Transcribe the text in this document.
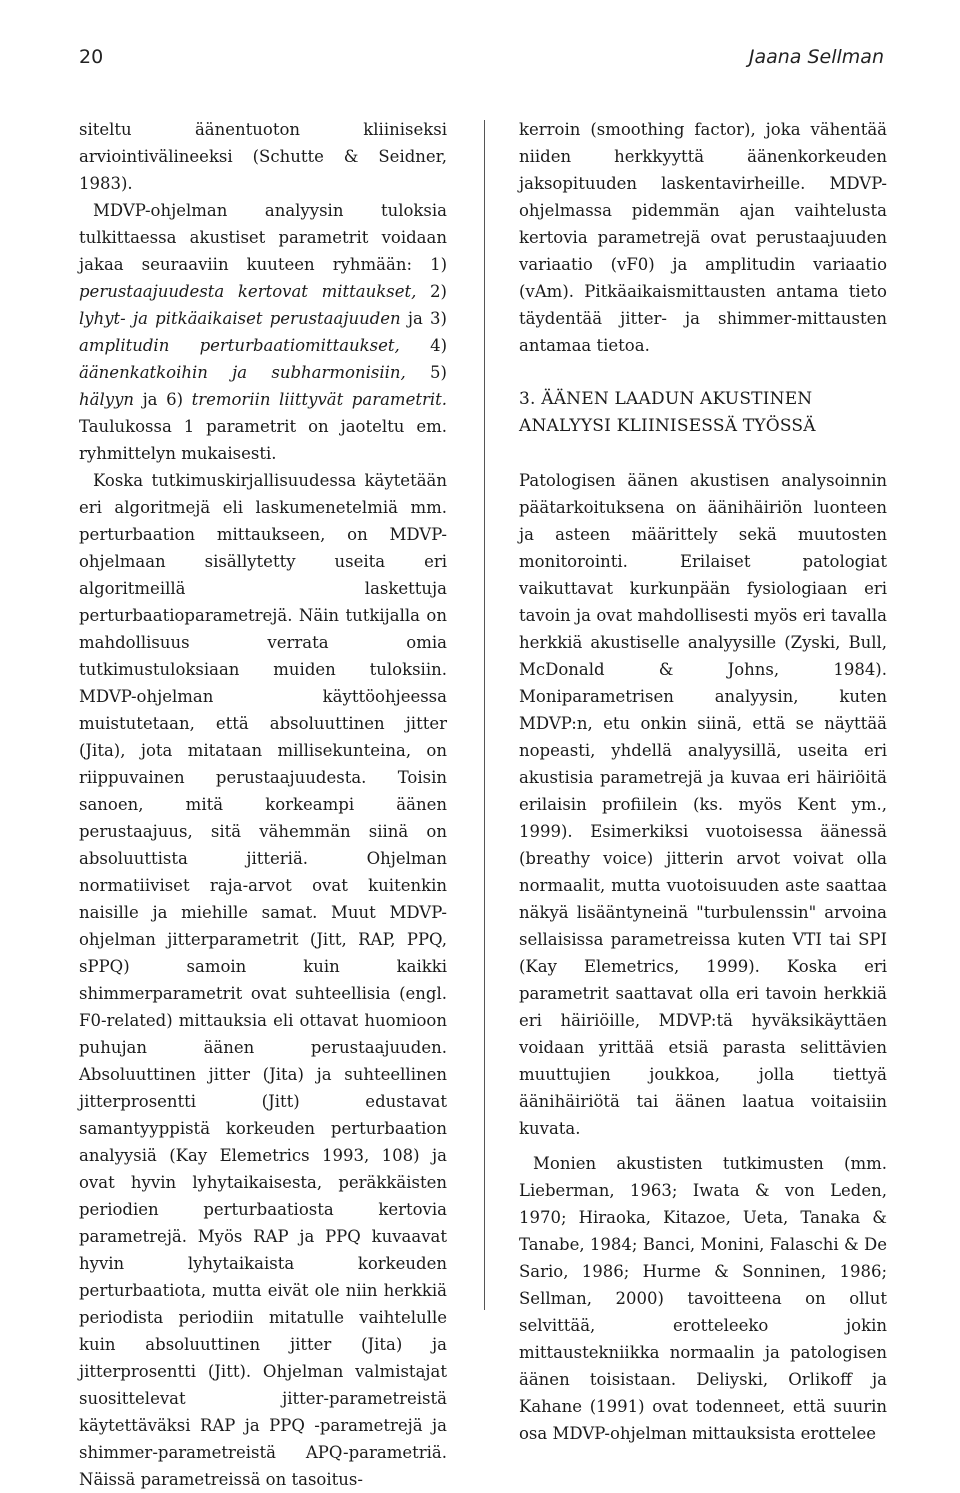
20	Jaana Sellman

siteltu äänentuoton kliiniseksi arviointivälineeksi (Schutte & Seidner, 1983).

MDVP-ohjelman analyysin tuloksia tulkittaessa akustiset parametrit voidaan jakaa seuraaviin kuuteen ryhmään: 1) perustaajuudesta kertovat mittaukset, 2) lyhyt- ja pitkäaikaiset perustaajuuden ja 3) amplitudin perturbaatiomittaukset, 4) äänenkatkoihin ja subharmonisiin, 5) hälyyn ja 6) tremoriin liittyvät parametrit. Taulukossa 1 parametrit on jaoteltu em. ryhmittelyn mukaisesti.

Koska tutkimuskirjallisuudessa käytetään eri algoritmejä eli laskumenetelmiä mm. perturbaation mittaukseen, on MDVP-ohjelmaan sisällytetty useita eri algoritmeillä laskettuja perturbaatioparametrejä. Näin tutkijalla on mahdollisuus verrata omia tutkimustuloksiaan muiden tuloksiin. MDVP-ohjelman käyttöohjeessa muistutetaan, että absoluuttinen jitter (Jita), jota mitataan millisekunteina, on riippuvainen perustaajuudesta. Toisin sanoen, mitä korkeampi äänen perustaajuus, sitä vähemmän siinä on absoluuttista jitteriä. Ohjelman normatiiviset raja-arvot ovat kuitenkin naisille ja miehille samat. Muut MDVP-ohjelman jitterparametrit (Jitt, RAP, PPQ, sPPQ) samoin kuin kaikki shimmerparametrit ovat suhteellisia (engl. F0-related) mittauksia eli ottavat huomioon puhujan äänen perustaajuuden. Absoluuttinen jitter (Jita) ja suhteellinen jitterprosentti (Jitt) edustavat samantyyppistä korkeuden perturbaation analyysiä (Kay Elemetrics 1993, 108) ja ovat hyvin lyhytaikaisesta, peräkkäisten periodien perturbaatiosta kertovia parametrejä. Myös RAP ja PPQ kuvaavat hyvin lyhytaikaista korkeuden perturbaatiota, mutta eivät ole niin herkkiä periodista periodiin mitatulle vaihtelulle kuin absoluuttinen jitter (Jita) ja jitterprosentti (Jitt). Ohjelman valmistajat suosittelevat jitter-parametreistä käytettäväksi RAP ja PPQ -parametrejä ja shimmer-parametreistä APQ-parametriä. Näissä parametreissä on tasoitus-

kerroin (smoothing factor), joka vähentää niiden herkkyyttä äänenkorkeuden jaksopituuden laskentavirheille. MDVP-ohjelmassa pidemmän ajan vaihtelusta kertovia parametrejä ovat perustaajuuden variaatio (vF0) ja amplitudin variaatio (vAm). Pitkäaikaismittausten antama tieto täydentää jitter- ja shimmer-mittausten antamaa tietoa.

3. ÄÄNEN LAADUN AKUSTINEN
ANALYYSI KLIINISESSÄ TYÖSSÄ

Patologisen äänen akustisen analysoinnin päätarkoituksena on äänihäiriön luonteen ja asteen määrittely sekä muutosten monitorointi. Erilaiset patologiat vaikuttavat kurkunpään fysiologiaan eri tavoin ja ovat mahdollisesti myös eri tavalla herkkiä akustiselle analyysille (Zyski, Bull, McDonald & Johns, 1984). Moniparametrisen analyysin, kuten MDVP:n, etu onkin siinä, että se näyttää nopeasti, yhdellä analyysillä, useita eri akustisia parametrejä ja kuvaa eri häiriöitä erilaisin profiilein (ks. myös Kent ym., 1999). Esimerkiksi vuotoisessa äänessä (breathy voice) jitterin arvot voivat olla normaalit, mutta vuotoisuuden aste saattaa näkyä lisääntyneinä "turbulenssin" arvoina sellaisissa parametreissa kuten VTI tai SPI (Kay Elemetrics, 1999). Koska eri parametrit saattavat olla eri tavoin herkkiä eri häiriöille, MDVP:tä hyväksikäyttäen voidaan yrittää etsiä parasta selittävien muuttujien joukkoa, jolla tiettyä äänihäiriötä tai äänen laatua voitaisiin kuvata.

Monien akustisten tutkimusten (mm. Lieberman, 1963; Iwata & von Leden, 1970; Hiraoka, Kitazoe, Ueta, Tanaka & Tanabe, 1984; Banci, Monini, Falaschi & De Sario, 1986; Hurme & Sonninen, 1986; Sellman, 2000) tavoitteena on ollut selvittää, erotteleeko jokin mittaustekniikka normaalin ja patologisen äänen toisistaan. Deliyski, Orlikoff ja Kahane (1991) ovat todenneet, että suurin osa MDVP-ohjelman mittauksista erottelee
